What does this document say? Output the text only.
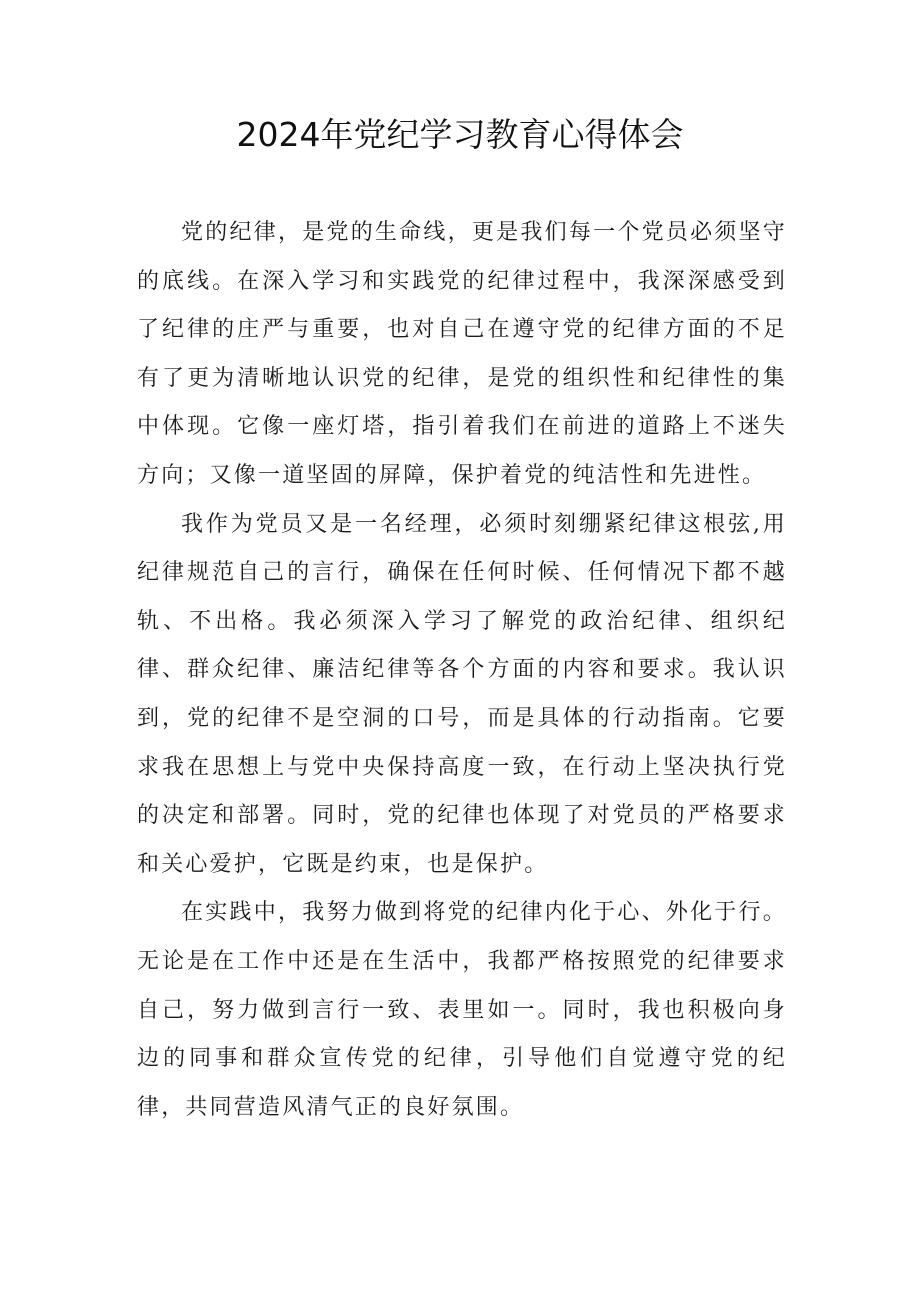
2024年党纪学习教育心得体会

党的纪律，是党的生命线，更是我们每一个党员必须坚守的底线。在深入学习和实践党的纪律过程中，我深深感受到了纪律的庄严与重要，也对自己在遵守党的纪律方面的不足有了更为清晰地认识党的纪律，是党的组织性和纪律性的集中体现。它像一座灯塔，指引着我们在前进的道路上不迷失方向；又像一道坚固的屏障，保护着党的纯洁性和先进性。

我作为党员又是一名经理，必须时刻绷紧纪律这根弦,用纪律规范自己的言行，确保在任何时候、任何情况下都不越轨、不出格。我必须深入学习了解党的政治纪律、组织纪律、群众纪律、廉洁纪律等各个方面的内容和要求。我认识到，党的纪律不是空洞的口号，而是具体的行动指南。它要求我在思想上与党中央保持高度一致，在行动上坚决执行党的决定和部署。同时，党的纪律也体现了对党员的严格要求和关心爱护，它既是约束，也是保护。

在实践中，我努力做到将党的纪律内化于心、外化于行。无论是在工作中还是在生活中，我都严格按照党的纪律要求自己，努力做到言行一致、表里如一。同时，我也积极向身边的同事和群众宣传党的纪律，引导他们自觉遵守党的纪律，共同营造风清气正的良好氛围。
